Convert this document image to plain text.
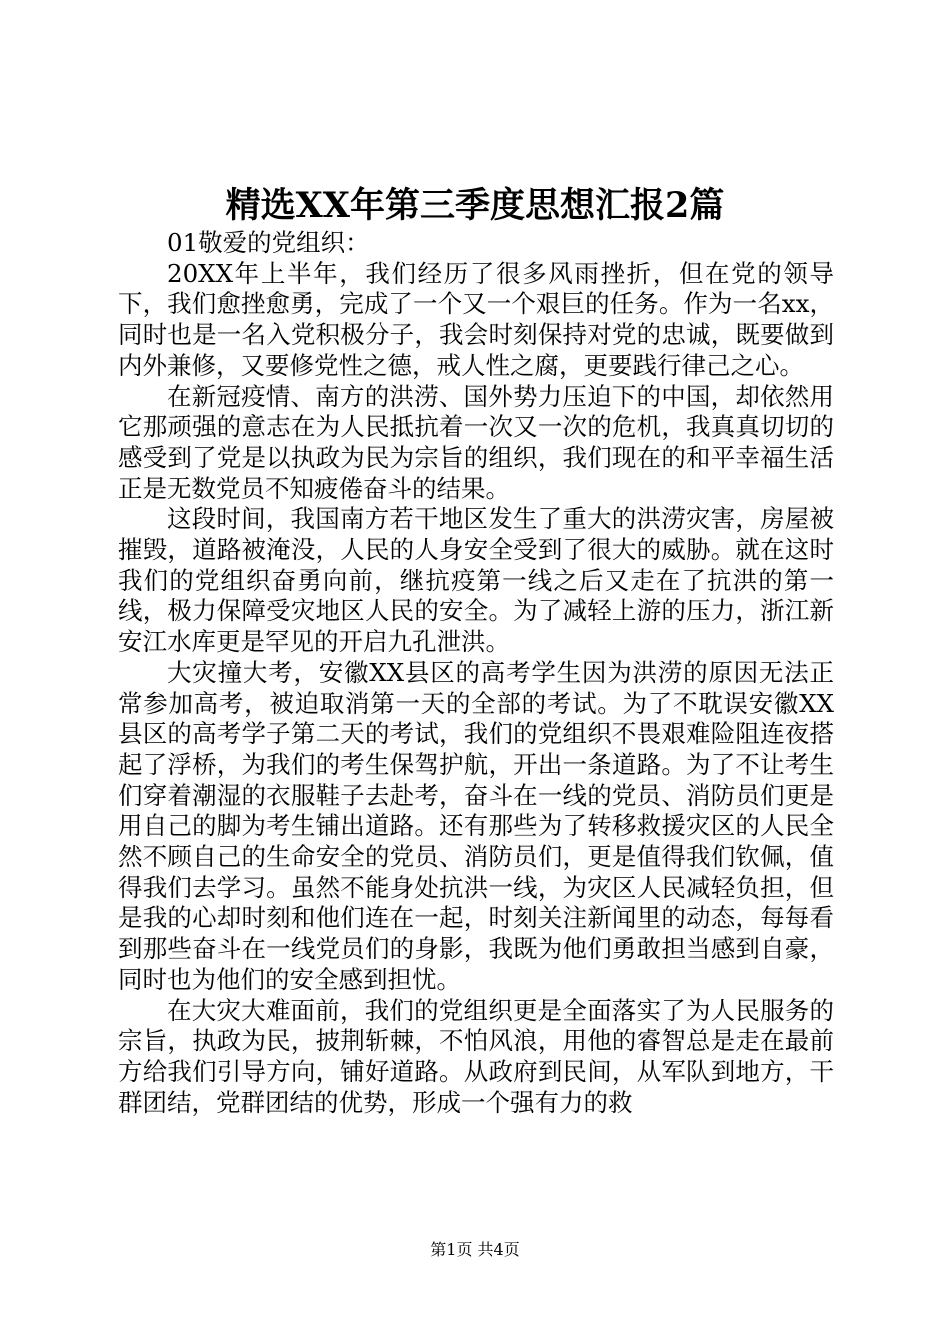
精选XX年第三季度思想汇报2篇

01敬爱的党组织：

20XX年上半年，我们经历了很多风雨挫折，但在党的领导下，我们愈挫愈勇，完成了一个又一个艰巨的任务。作为一名xx，同时也是一名入党积极分子，我会时刻保持对党的忠诚，既要做到内外兼修，又要修党性之德，戒人性之腐，更要践行律己之心。

在新冠疫情、南方的洪涝、国外势力压迫下的中国，却依然用它那顽强的意志在为人民抵抗着一次又一次的危机，我真真切切的感受到了党是以执政为民为宗旨的组织，我们现在的和平幸福生活正是无数党员不知疲倦奋斗的结果。

这段时间，我国南方若干地区发生了重大的洪涝灾害，房屋被摧毁，道路被淹没，人民的人身安全受到了很大的威胁。就在这时我们的党组织奋勇向前，继抗疫第一线之后又走在了抗洪的第一线，极力保障受灾地区人民的安全。为了减轻上游的压力，浙江新安江水库更是罕见的开启九孔泄洪。

大灾撞大考，安徽XX县区的高考学生因为洪涝的原因无法正常参加高考，被迫取消第一天的全部的考试。为了不耽误安徽XX县区的高考学子第二天的考试，我们的党组织不畏艰难险阻连夜搭起了浮桥，为我们的考生保驾护航，开出一条道路。为了不让考生们穿着潮湿的衣服鞋子去赴考，奋斗在一线的党员、消防员们更是用自己的脚为考生铺出道路。还有那些为了转移救援灾区的人民全然不顾自己的生命安全的党员、消防员们，更是值得我们钦佩，值得我们去学习。虽然不能身处抗洪一线，为灾区人民减轻负担，但是我的心却时刻和他们连在一起，时刻关注新闻里的动态，每每看到那些奋斗在一线党员们的身影，我既为他们勇敢担当感到自豪，同时也为他们的安全感到担忧。

在大灾大难面前，我们的党组织更是全面落实了为人民服务的宗旨，执政为民，披荆斩棘，不怕风浪，用他的睿智总是走在最前方给我们引导方向，铺好道路。从政府到民间，从军队到地方，干群团结，党群团结的优势，形成一个强有力的救

第1页 共4页
